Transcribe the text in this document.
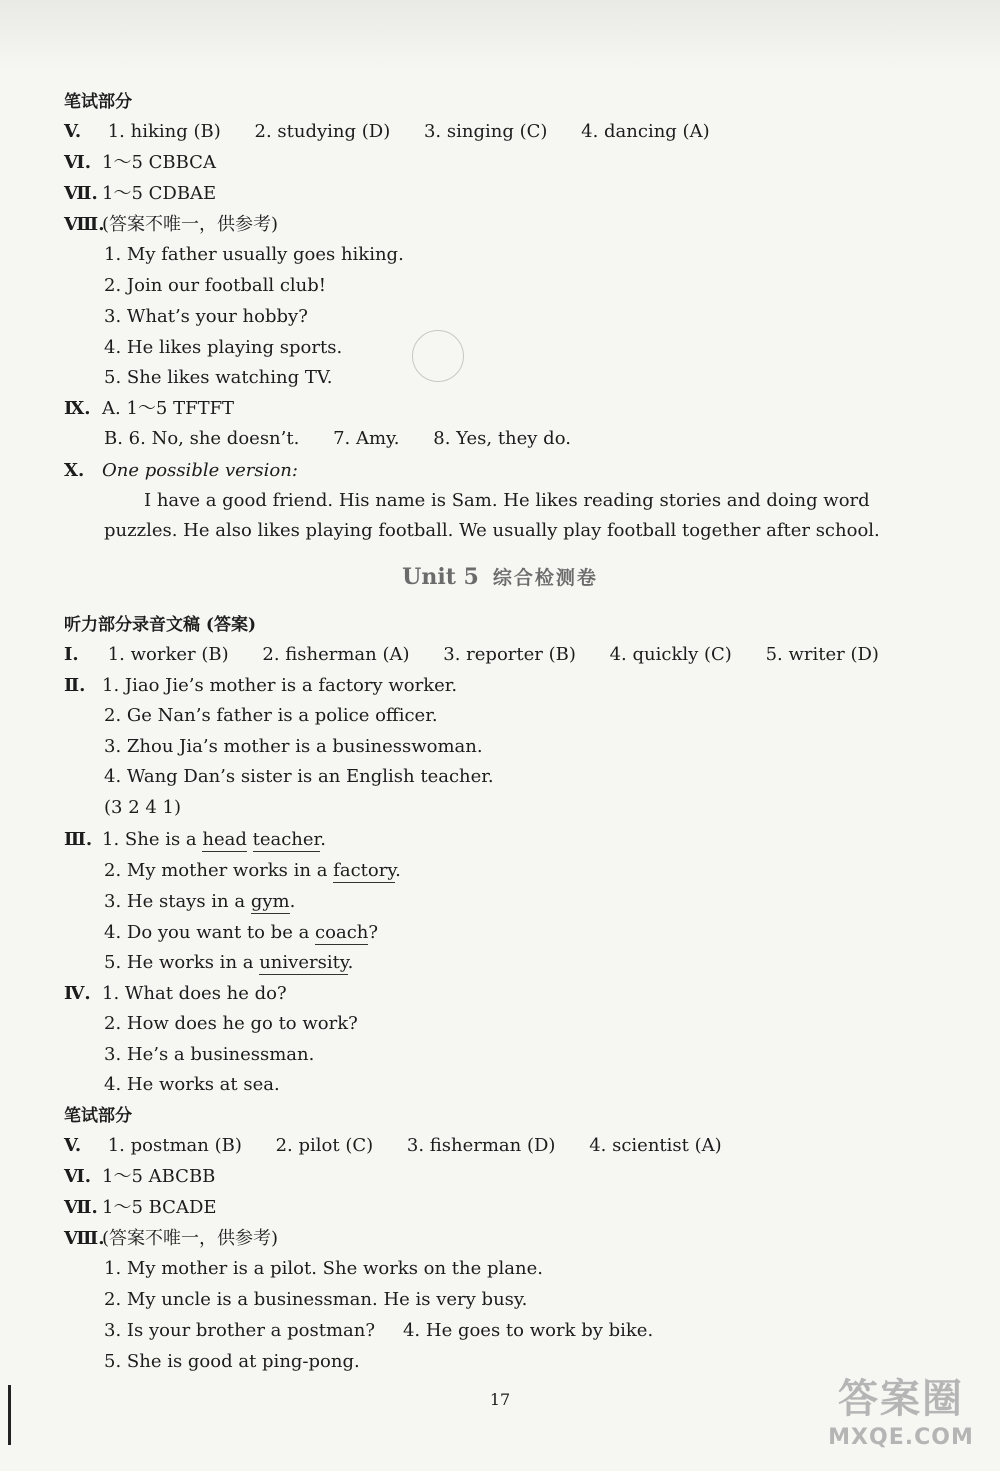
笔试部分
V. 1. hiking (B) 2. studying (D) 3. singing (C) 4. dancing (A)
Ⅵ. 1～5 CBBCA
Ⅶ. 1～5 CDBAE
Ⅷ.(答案不唯一，供参考)
1. My father usually goes hiking.
2. Join our football club!
3. What’s your hobby?
4. He likes playing sports.
5. She likes watching TV.
Ⅸ. A. 1～5 TFTFT
B. 6. No, she doesn’t. 7. Amy. 8. Yes, they do.
X. One possible version:
I have a good friend. His name is Sam. He likes reading stories and doing word
puzzles. He also likes playing football. We usually play football together after school.
Unit 5 综合检测卷
听力部分录音文稿 (答案)
Ⅰ. 1. worker (B) 2. fisherman (A) 3. reporter (B) 4. quickly (C) 5. writer (D)
Ⅱ. 1. Jiao Jie’s mother is a factory worker.
2. Ge Nan’s father is a police officer.
3. Zhou Jia’s mother is a businesswoman.
4. Wang Dan’s sister is an English teacher.
(3 2 4 1)
Ⅲ. 1. She is a head teacher.
2. My mother works in a factory.
3. He stays in a gym.
4. Do you want to be a coach?
5. He works in a university.
Ⅳ. 1. What does he do?
2. How does he go to work?
3. He’s a businessman.
4. He works at sea.
笔试部分
V. 1. postman (B) 2. pilot (C) 3. fisherman (D) 4. scientist (A)
Ⅵ. 1～5 ABCBB
Ⅶ. 1～5 BCADE
Ⅷ.(答案不唯一，供参考)
1. My mother is a pilot. She works on the plane.
2. My uncle is a businessman. He is very busy.
3. Is your brother a postman? 4. He goes to work by bike.
5. She is good at ping-pong.
17	答案圈
MXQE.COM
